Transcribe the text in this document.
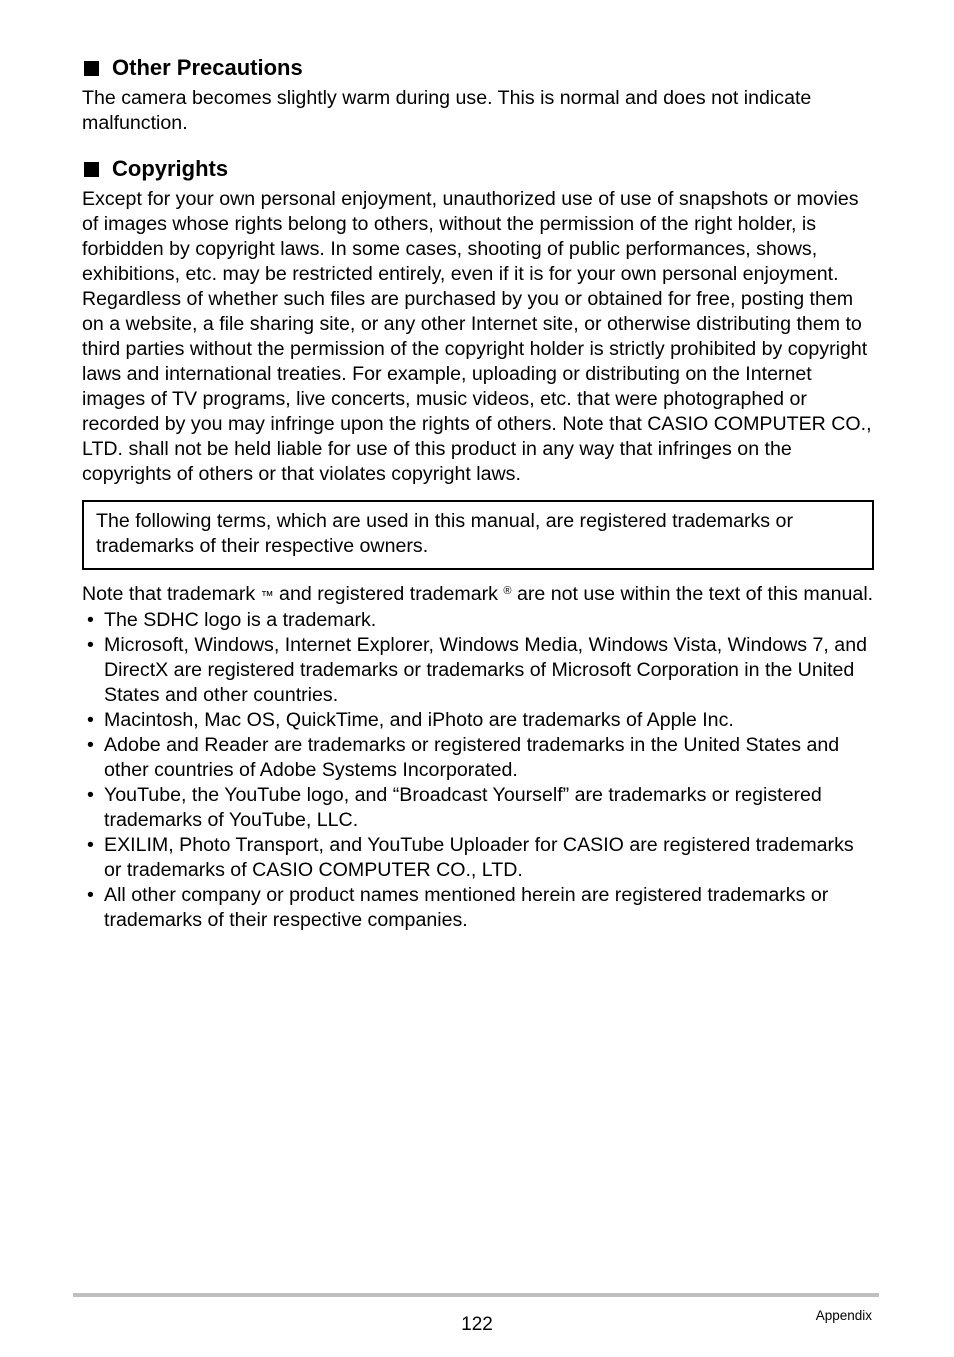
Other Precautions

The camera becomes slightly warm during use. This is normal and does not indicate malfunction.

Copyrights

Except for your own personal enjoyment, unauthorized use of use of snapshots or movies of images whose rights belong to others, without the permission of the right holder, is forbidden by copyright laws. In some cases, shooting of public performances, shows, exhibitions, etc. may be restricted entirely, even if it is for your own personal enjoyment. Regardless of whether such files are purchased by you or obtained for free, posting them on a website, a file sharing site, or any other Internet site, or otherwise distributing them to third parties without the permission of the copyright holder is strictly prohibited by copyright laws and international treaties. For example, uploading or distributing on the Internet images of TV programs, live concerts, music videos, etc. that were photographed or recorded by you may infringe upon the rights of others. Note that CASIO COMPUTER CO., LTD. shall not be held liable for use of this product in any way that infringes on the copyrights of others or that violates copyright laws.

The following terms, which are used in this manual, are registered trademarks or trademarks of their respective owners.
Note that trademark ™ and registered trademark ® are not use within the text of this manual.
• The SDHC logo is a trademark.
• Microsoft, Windows, Internet Explorer, Windows Media, Windows Vista, Windows 7, and DirectX are registered trademarks or trademarks of Microsoft Corporation in the United States and other countries.
• Macintosh, Mac OS, QuickTime, and iPhoto are trademarks of Apple Inc.
• Adobe and Reader are trademarks or registered trademarks in the United States and other countries of Adobe Systems Incorporated.
• YouTube, the YouTube logo, and “Broadcast Yourself” are trademarks or registered trademarks of YouTube, LLC.
• EXILIM, Photo Transport, and YouTube Uploader for CASIO are registered trademarks or trademarks of CASIO COMPUTER CO., LTD.
• All other company or product names mentioned herein are registered trademarks or trademarks of their respective companies.
122	Appendix
